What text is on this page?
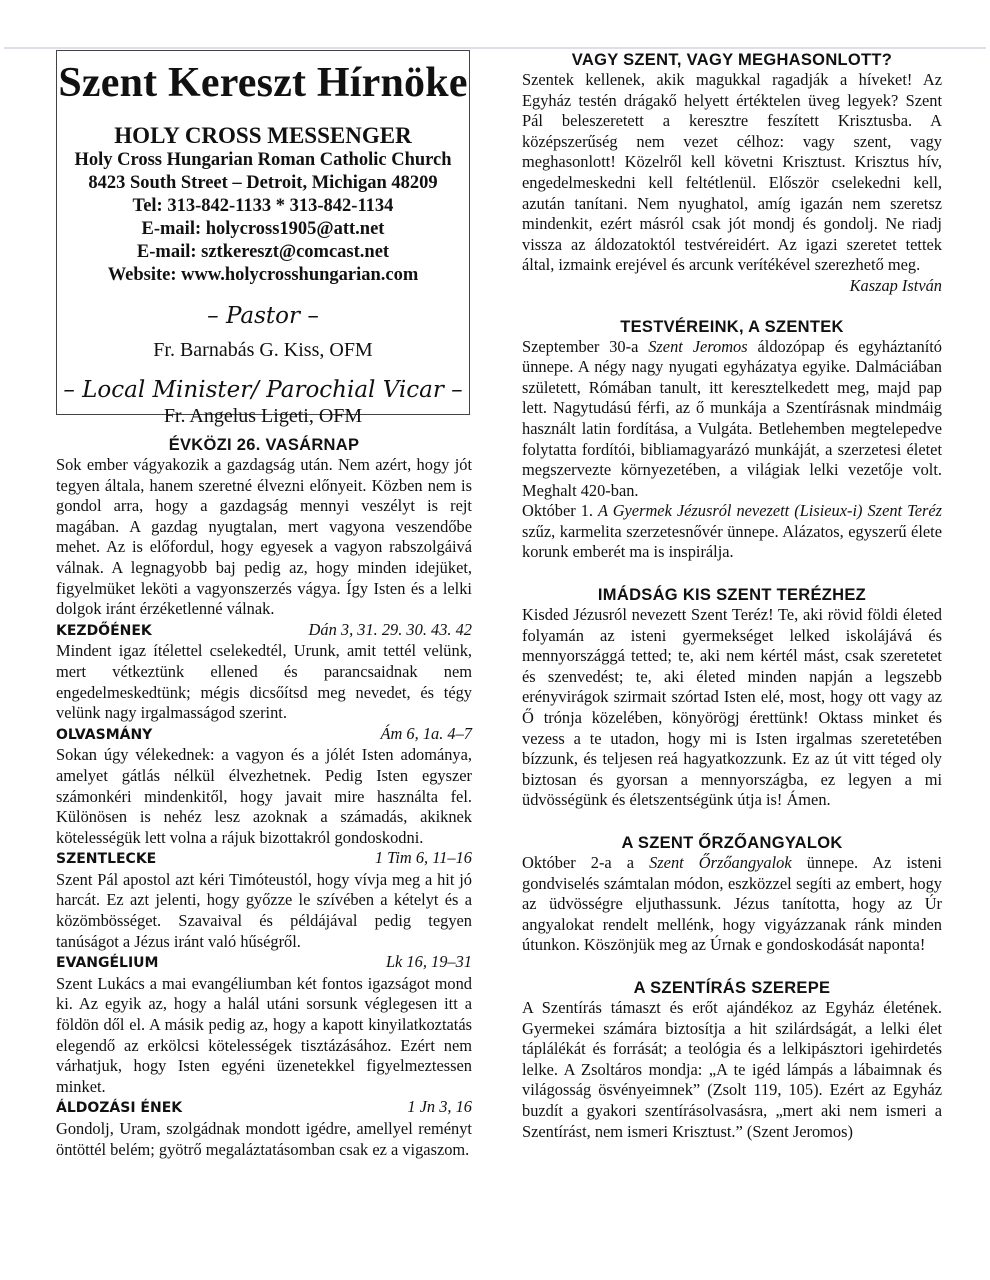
Szent Kereszt Hírnöke
HOLY CROSS MESSENGER
Holy Cross Hungarian Roman Catholic Church
8423 South Street – Detroit, Michigan 48209
Tel: 313-842-1133 * 313-842-1134
E-mail: holycross1905@att.net
E-mail: sztkereszt@comcast.net
Website: www.holycrosshungarian.com
– Pastor –
Fr. Barnabás G. Kiss, OFM
– Local Minister/ Parochial Vicar –
Fr. Angelus Ligeti, OFM
ÉVKÖZI 26. VASÁRNAP

Sok ember vágyakozik a gazdagság után. Nem azért, hogy jót tegyen általa, hanem szeretné élvezni előnyeit. Közben nem is gondol arra, hogy a gazdagság mennyi veszélyt is rejt magában. A gazdag nyugtalan, mert vagyona veszendőbe mehet. Az is előfordul, hogy egyesek a vagyon rabszolgáivá válnak. A legnagyobb baj pedig az, hogy minden idejüket, figyelmüket leköti a vagyonszerzés vágya. Így Isten és a lelki dolgok iránt érzéketlenné válnak.

KEZDŐÉNEK	Dán 3, 31. 29. 30. 43. 42

Mindent igaz ítélettel cselekedtél, Urunk, amit tettél velünk, mert vétkeztünk ellened és parancsaidnak nem engedelmeskedtünk; mégis dicsőítsd meg nevedet, és tégy velünk nagy irgalmasságod szerint.

OLVASMÁNY	Ám 6, 1a. 4–7

Sokan úgy vélekednek: a vagyon és a jólét Isten adománya, amelyet gátlás nélkül élvezhetnek. Pedig Isten egyszer számonkéri mindenkitől, hogy javait mire használta fel. Különösen is nehéz lesz azoknak a számadás, akiknek kötelességük lett volna a rájuk bizottakról gondoskodni.

SZENTLECKE	1 Tim 6, 11–16

Szent Pál apostol azt kéri Timóteustól, hogy vívja meg a hit jó harcát. Ez azt jelenti, hogy győzze le szívében a kételyt és a közömbösséget. Szavaival és példájával pedig tegyen tanúságot a Jézus iránt való hűségről.

EVANGÉLIUM	Lk 16, 19–31

Szent Lukács a mai evangéliumban két fontos igazságot mond ki. Az egyik az, hogy a halál utáni sorsunk véglegesen itt a földön dől el. A másik pedig az, hogy a kapott kinyilatkoztatás elegendő az erkölcsi kötelességek tisztázásához. Ezért nem várhatjuk, hogy Isten egyéni üzenetekkel figyelmeztessen minket.

ÁLDOZÁSI ÉNEK	1 Jn 3, 16

Gondolj, Uram, szolgádnak mondott igédre, amellyel reményt öntöttél belém; gyötrő megaláztatásomban csak ez a vigaszom.

VAGY SZENT, VAGY MEGHASONLOTT?

Szentek kellenek, akik magukkal ragadják a híveket! Az Egyház testén drágakő helyett értéktelen üveg legyek? Szent Pál beleszeretett a keresztre feszített Krisztusba. A középszerűség nem vezet célhoz: vagy szent, vagy meghasonlott! Közelről kell követni Krisztust. Krisztus hív, engedelmeskedni kell feltétlenül. Először cselekedni kell, azután tanítani. Nem nyughatol, amíg igazán nem szeretsz mindenkit, ezért másról csak jót mondj és gondolj. Ne riadj vissza az áldozatoktól testvéreidért. Az igazi szeretet tettek által, izmaink erejével és arcunk verítékével szerezhető meg.

Kaszap István
TESTVÉREINK, A SZENTEK

Szeptember 30-a Szent Jeromos áldozópap és egyháztanító ünnepe. A négy nagy nyugati egyházatya egyike. Dalmáciában született, Rómában tanult, itt keresztelkedett meg, majd pap lett. Nagytudású férfi, az ő munkája a Szentírásnak mindmáig használt latin fordítása, a Vulgáta. Betlehemben megtelepedve folytatta fordítói, bibliamagyarázó munkáját, a szerzetesi életet megszervezte környezetében, a világiak lelki vezetője volt. Meghalt 420-ban.

Október 1. A Gyermek Jézusról nevezett (Lisieux-i) Szent Teréz szűz, karmelita szerzetesnővér ünnepe. Alázatos, egyszerű élete korunk emberét ma is inspirálja.

IMÁDSÁG KIS SZENT TERÉZHEZ

Kisded Jézusról nevezett Szent Teréz! Te, aki rövid földi életed folyamán az isteni gyermekséget lelked iskolájává és mennyországgá tetted; te, aki nem kértél mást, csak szeretetet és szenvedést; te, aki életed minden napján a legszebb erényvirágok szirmait szórtad Isten elé, most, hogy ott vagy az Ő trónja közelében, könyörögj érettünk! Oktass minket és vezess a te utadon, hogy mi is Isten irgalmas szeretetében bízzunk, és teljesen reá hagyatkozzunk. Ez az út vitt téged oly biztosan és gyorsan a mennyországba, ez legyen a mi üdvösségünk és életszentségünk útja is! Ámen.

A SZENT ŐRZŐANGYALOK

Október 2-a a Szent Őrzőangyalok ünnepe. Az isteni gondviselés számtalan módon, eszközzel segíti az embert, hogy az üdvösségre eljuthassunk. Jézus tanította, hogy az Úr angyalokat rendelt mellénk, hogy vigyázzanak ránk minden útunkon. Köszönjük meg az Úrnak e gondoskodását naponta!

A SZENTÍRÁS SZEREPE

A Szentírás támaszt és erőt ajándékoz az Egyház életének. Gyermekei számára biztosítja a hit szilárdságát, a lelki élet táplálékát és forrását; a teológia és a lelkipásztori igehirdetés lelke. A Zsoltáros mondja: „A te igéd lámpás a lábaimnak és világosság ösvényeimnek” (Zsolt 119, 105). Ezért az Egyház buzdít a gyakori szentírásolvasásra, „mert aki nem ismeri a Szentírást, nem ismeri Krisztust.” (Szent Jeromos)
